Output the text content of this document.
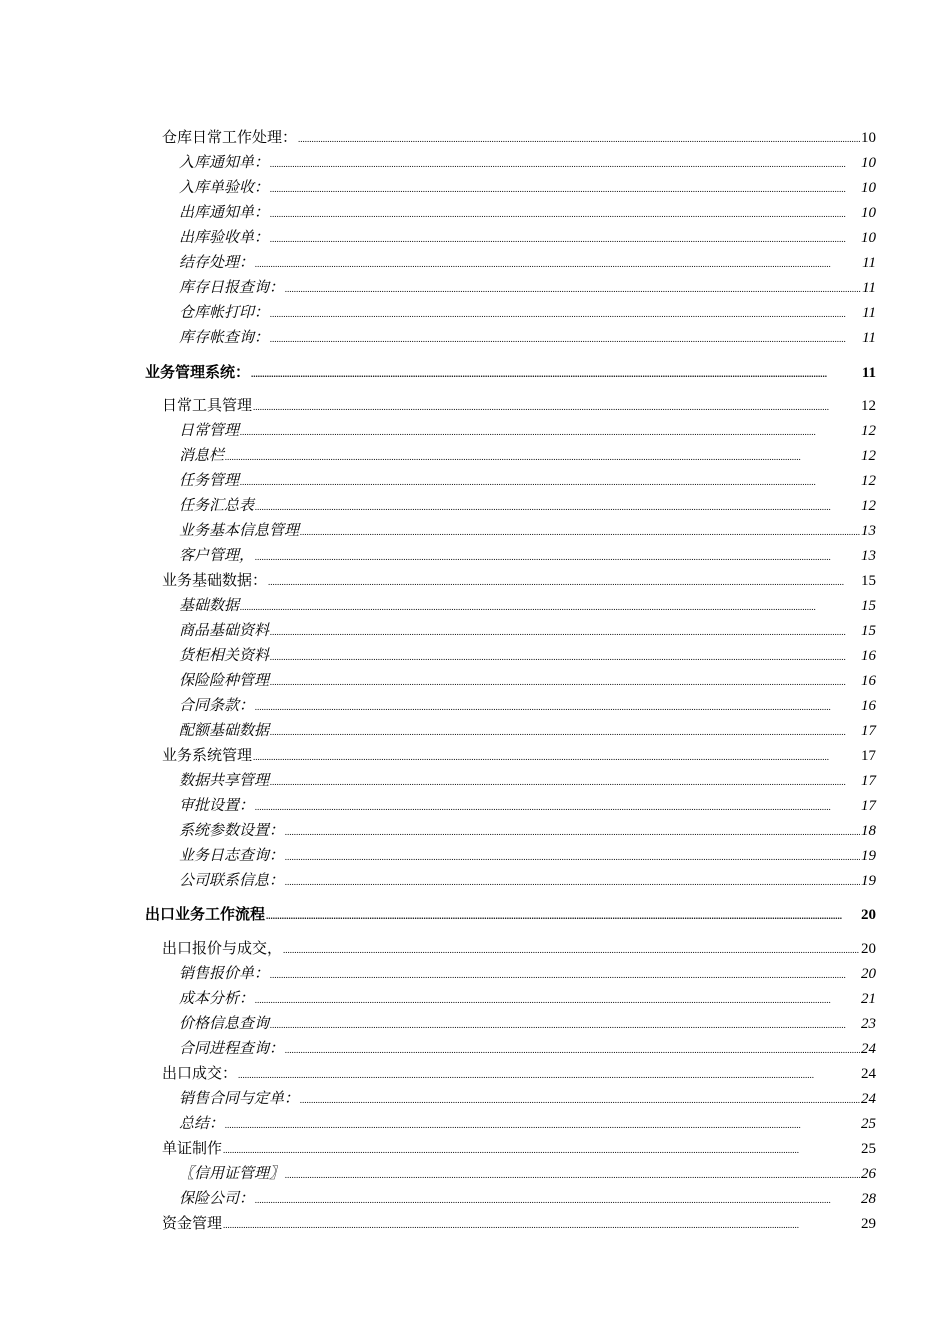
仓库日常工作处理： .....	10
入库通知单： .....	10
入库单验收： .....	10
出库通知单： .....	10
出库验收单： .....	10
结存处理： .....	11
库存日报查询： .....	11
仓库帐打印： .....	11
库存帐查询： .....	11
业务管理系统： .....	11
日常工具管理 .....	12
日常管理 .....	12
消息栏 .....	12
任务管理 .....	12
任务汇总表 .....	12
业务基本信息管理 .....	13
客户管理， .....	13
业务基础数据： .....	15
基础数据 .....	15
商品基础资料 .....	15
货柜相关资料 .....	16
保险险种管理 .....	16
合同条款： .....	16
配额基础数据 .....	17
业务系统管理 .....	17
数据共享管理 .....	17
审批设置： .....	17
系统参数设置： .....	18
业务日志查询： .....	19
公司联系信息： .....	19
出口业务工作流程 .....	20
出口报价与成交， .....	20
销售报价单： .....	20
成本分析： .....	21
价格信息查询 .....	23
合同进程查询： .....	24
出口成交： .....	24
销售合同与定单： .....	24
总结： .....	25
单证制作 .....	25
〖信用证管理〗 .....	26
保险公司： .....	28
资金管理 .....	29
